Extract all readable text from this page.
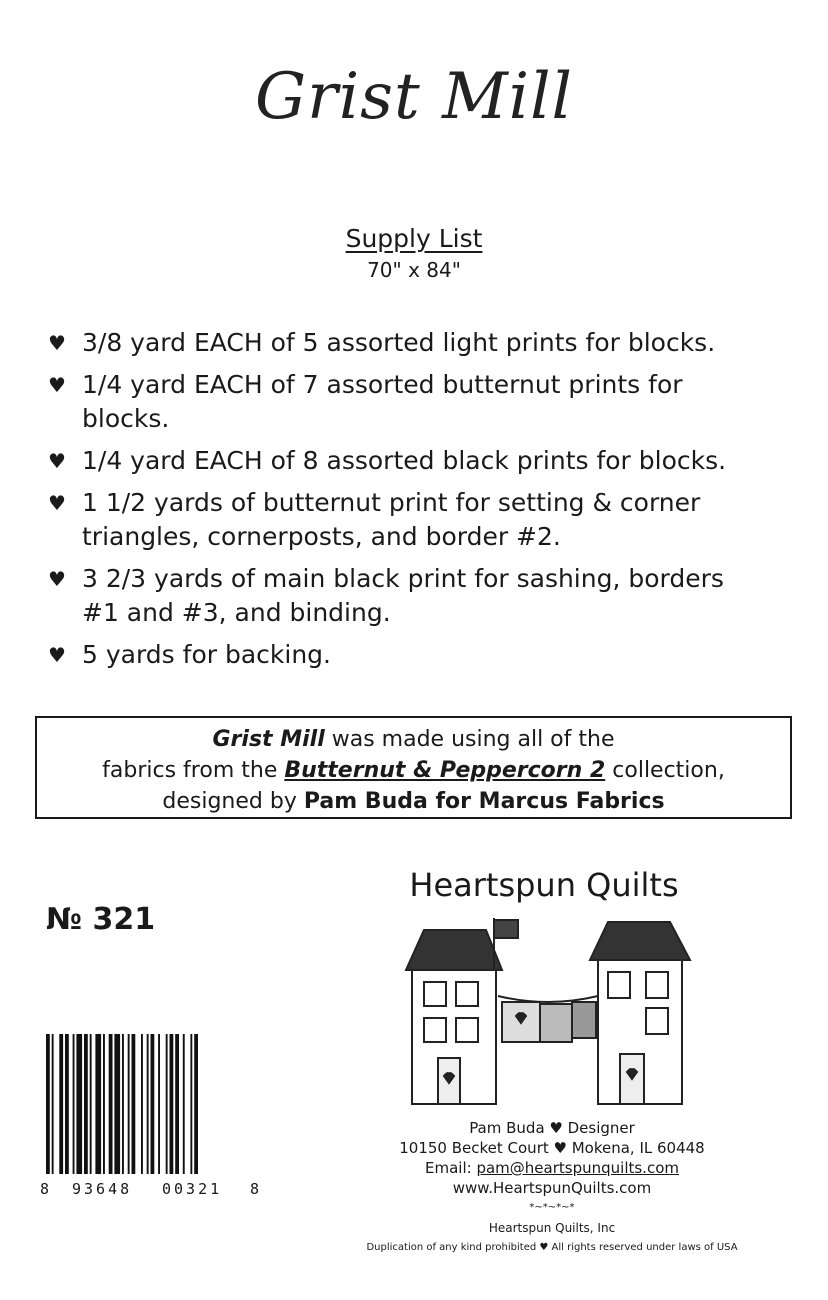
Grist Mill
Supply List
70" x 84"
♥ 3/8 yard EACH of 5 assorted light prints for blocks.
♥ 1/4 yard EACH of 7 assorted butternut prints for blocks.
♥ 1/4 yard EACH of 8 assorted black prints for blocks.
♥ 1 1/2 yards of butternut print for setting & corner triangles, cornerposts, and border #2.
♥ 3 2/3 yards of main black print for sashing, borders #1 and #3, and binding.
♥ 5 yards for backing.
Grist Mill was made using all of the
fabrics from the Butternut & Peppercorn 2 collection,
designed by Pam Buda for Marcus Fabrics
№ 321
Heartspun Quilts
8 93648 00321 8
Pam Buda ♥ Designer
10150 Becket Court ♥ Mokena, IL 60448
Email: pam@heartspunquilts.com
www.HeartspunQuilts.com
*~*~*~*
Heartspun Quilts, Inc
Duplication of any kind prohibited ♥ All rights reserved under laws of USA
